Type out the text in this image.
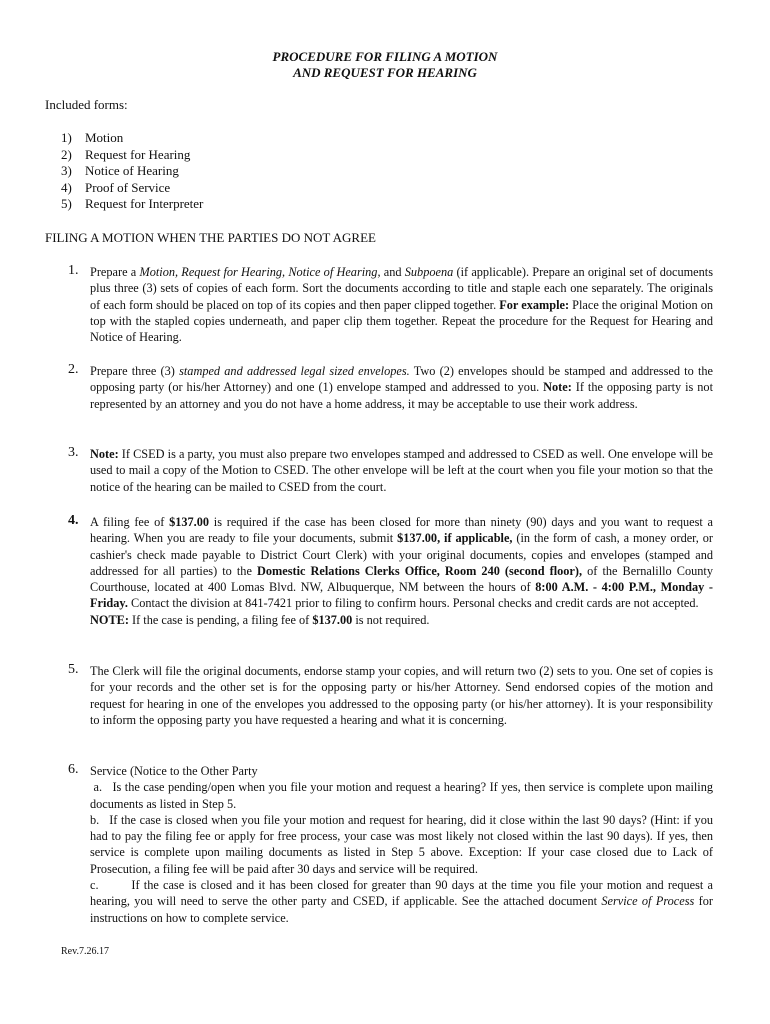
PROCEDURE FOR FILING A MOTION
AND REQUEST FOR HEARING
Included forms:
1) Motion
2) Request for Hearing
3) Notice of Hearing
4) Proof of Service
5) Request for Interpreter
FILING A MOTION WHEN THE PARTIES DO NOT AGREE
1. Prepare a Motion, Request for Hearing, Notice of Hearing, and Subpoena (if applicable). Prepare an original set of documents plus three (3) sets of copies of each form. Sort the documents according to title and staple each one separately. The originals of each form should be placed on top of its copies and then paper clipped together. For example: Place the original Motion on top with the stapled copies underneath, and paper clip them together. Repeat the procedure for the Request for Hearing and Notice of Hearing.
2. Prepare three (3) stamped and addressed legal sized envelopes. Two (2) envelopes should be stamped and addressed to the opposing party (or his/her Attorney) and one (1) envelope stamped and addressed to you. Note: If the opposing party is not represented by an attorney and you do not have a home address, it may be acceptable to use their work address.
3. Note: If CSED is a party, you must also prepare two envelopes stamped and addressed to CSED as well. One envelope will be used to mail a copy of the Motion to CSED. The other envelope will be left at the court when you file your motion so that the notice of the hearing can be mailed to CSED from the court.
4. A filing fee of $137.00 is required if the case has been closed for more than ninety (90) days and you want to request a hearing. When you are ready to file your documents, submit $137.00, if applicable, (in the form of cash, a money order, or cashier's check made payable to District Court Clerk) with your original documents, copies and envelopes (stamped and addressed for all parties) to the Domestic Relations Clerks Office, Room 240 (second floor), of the Bernalillo County Courthouse, located at 400 Lomas Blvd. NW, Albuquerque, NM between the hours of 8:00 A.M. - 4:00 P.M., Monday - Friday. Contact the division at 841-7421 prior to filing to confirm hours. Personal checks and credit cards are not accepted.
NOTE: If the case is pending, a filing fee of $137.00 is not required.
5. The Clerk will file the original documents, endorse stamp your copies, and will return two (2) sets to you. One set of copies is for your records and the other set is for the opposing party or his/her Attorney. Send endorsed copies of the motion and request for hearing in one of the envelopes you addressed to the opposing party (or his/her attorney). It is your responsibility to inform the opposing party you have requested a hearing and what it is concerning.
6. Service (Notice to the Other Party
a. Is the case pending/open when you file your motion and request a hearing? If yes, then service is complete upon mailing documents as listed in Step 5.
b. If the case is closed when you file your motion and request for hearing, did it close within the last 90 days? (Hint: if you had to pay the filing fee or apply for free process, your case was most likely not closed within the last 90 days). If yes, then service is complete upon mailing documents as listed in Step 5 above. Exception: If your case closed due to Lack of Prosecution, a filing fee will be paid after 30 days and service will be required.
c.	If the case is closed and it has been closed for greater than 90 days at the time you file your motion and request a hearing, you will need to serve the other party and CSED, if applicable. See the attached document Service of Process for instructions on how to complete service.
Rev.7.26.17
